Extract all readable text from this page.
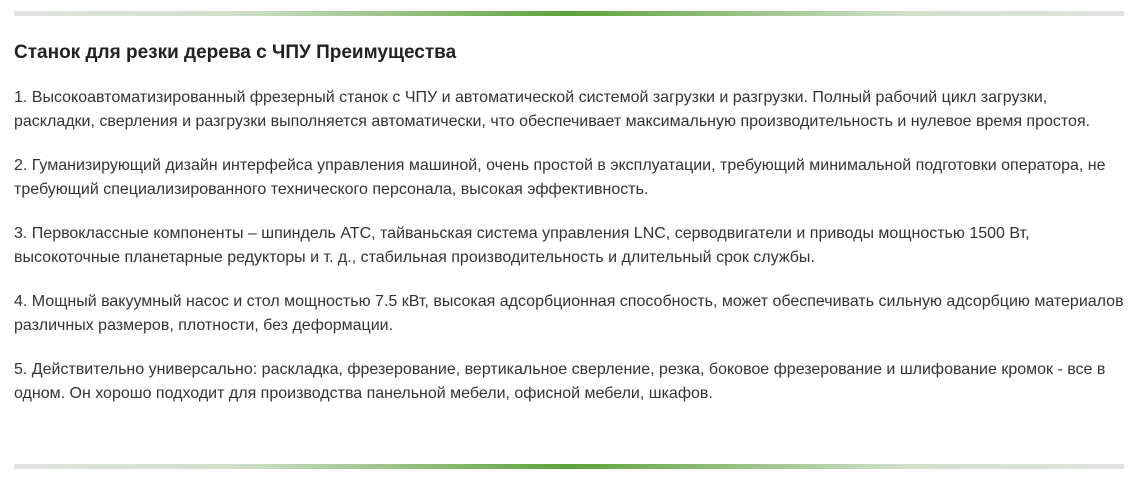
Станок для резки дерева с ЧПУ Преимущества

1. Высокоавтоматизированный фрезерный станок с ЧПУ и автоматической системой загрузки и разгрузки. Полный рабочий цикл загрузки, раскладки, сверления и разгрузки выполняется автоматически, что обеспечивает максимальную производительность и нулевое время простоя.

2. Гуманизирующий дизайн интерфейса управления машиной, очень простой в эксплуатации, требующий минимальной подготовки оператора, не требующий специализированного технического персонала, высокая эффективность.

3. Первоклассные компоненты – шпиндель ATC, тайваньская система управления LNC, серводвигатели и приводы мощностью 1500 Вт, высокоточные планетарные редукторы и т. д., стабильная производительность и длительный срок службы.

4. Мощный вакуумный насос и стол мощностью 7.5 кВт, высокая адсорбционная способность, может обеспечивать сильную адсорбцию материалов различных размеров, плотности, без деформации.

5. Действительно универсально: раскладка, фрезерование, вертикальное сверление, резка, боковое фрезерование и шлифование кромок - все в одном. Он хорошо подходит для производства панельной мебели, офисной мебели, шкафов.
